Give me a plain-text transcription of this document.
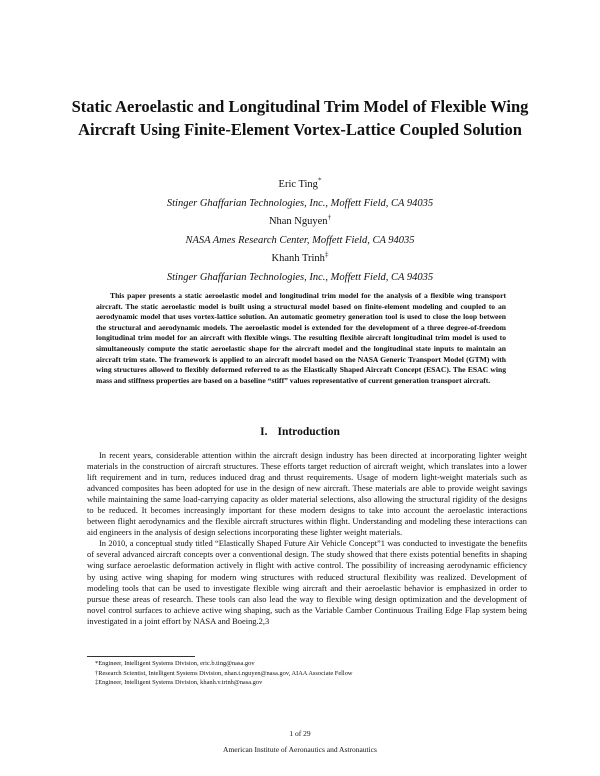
Static Aeroelastic and Longitudinal Trim Model of Flexible Wing Aircraft Using Finite-Element Vortex-Lattice Coupled Solution
Eric Ting*
Stinger Ghaffarian Technologies, Inc., Moffett Field, CA 94035
Nhan Nguyen†
NASA Ames Research Center, Moffett Field, CA 94035
Khanh Trinh‡
Stinger Ghaffarian Technologies, Inc., Moffett Field, CA 94035
This paper presents a static aeroelastic model and longitudinal trim model for the analysis of a flexible wing transport aircraft. The static aeroelastic model is built using a structural model based on finite-element modeling and coupled to an aerodynamic model that uses vortex-lattice solution. An automatic geometry generation tool is used to close the loop between the structural and aerodynamic models. The aeroelastic model is extended for the development of a three degree-of-freedom longitudinal trim model for an aircraft with flexible wings. The resulting flexible aircraft longitudinal trim model is used to simultaneously compute the static aeroelastic shape for the aircraft model and the longitudinal state inputs to maintain an aircraft trim state. The framework is applied to an aircraft model based on the NASA Generic Transport Model (GTM) with wing structures allowed to flexibly deformed referred to as the Elastically Shaped Aircraft Concept (ESAC). The ESAC wing mass and stiffness properties are based on a baseline “stiff” values representative of current generation transport aircraft.
I. Introduction

In recent years, considerable attention within the aircraft design industry has been directed at incorporating lighter weight materials in the construction of aircraft structures. These efforts target reduction of aircraft weight, which translates into a lower lift requirement and in turn, reduces induced drag and thrust requirements. Usage of modern light-weight materials such as advanced composites has been adopted for use in the design of new aircraft. These materials are able to provide weight savings while maintaining the same load-carrying capacity as older material selections, also allowing the structural rigidity of the designs to be reduced. It becomes increasingly important for these modern designs to take into account the aeroelastic interactions between flight aerodynamics and the flexible aircraft structures within flight. Understanding and modeling these interactions can aid engineers in the analysis of design selections incorporating these lighter weight materials.

In 2010, a conceptual study titled “Elastically Shaped Future Air Vehicle Concept”1 was conducted to investigate the benefits of several advanced aircraft concepts over a conventional design. The study showed that there exists potential benefits in shaping wing surface aeroelastic deformation actively in flight with active control. The possibility of increasing aerodynamic efficiency by using active wing shaping for modern wing structures with reduced structural flexibility was realized. Development of modeling tools that can be used to investigate flexible wing aircraft and their aeroelastic behavior is emphasized in order to pursue these areas of research. These tools can also lead the way to flexible wing design optimization and the development of novel control surfaces to achieve active wing shaping, such as the Variable Camber Continuous Trailing Edge Flap system being investigated in a joint effort by NASA and Boeing.2,3

*Engineer, Intelligent Systems Division, eric.b.ting@nasa.gov
†Research Scientist, Intelligent Systems Division, nhan.t.nguyen@nasa.gov, AIAA Associate Fellow
‡Engineer, Intelligent Systems Division, khanh.v.trinh@nasa.gov
1 of 29
American Institute of Aeronautics and Astronautics
